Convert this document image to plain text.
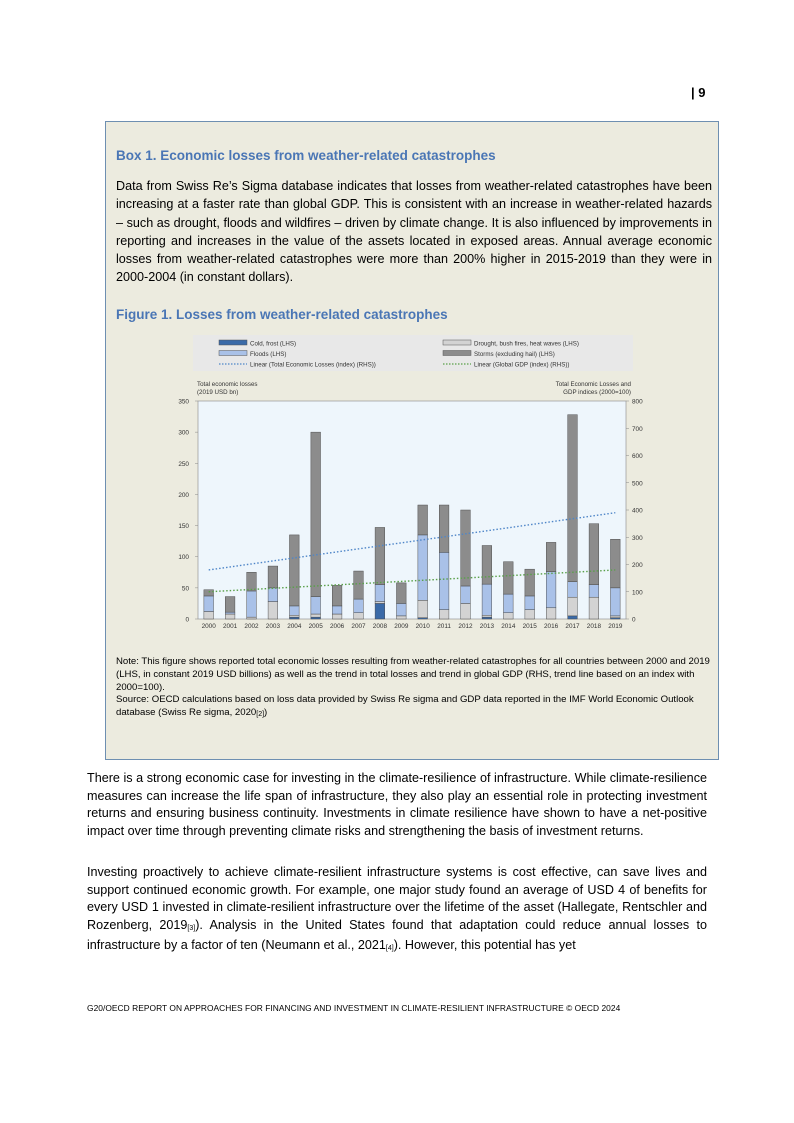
| 9
Box 1. Economic losses from weather-related catastrophes

Data from Swiss Re’s Sigma database indicates that losses from weather-related catastrophes have been increasing at a faster rate than global GDP. This is consistent with an increase in weather-related hazards – such as drought, floods and wildfires – driven by climate change. It is also influenced by improvements in reporting and increases in the value of the assets located in exposed areas. Annual average economic losses from weather-related catastrophes were more than 200% higher in 2015-2019 than they were in 2000-2004 (in constant dollars).

Figure 1. Losses from weather-related catastrophes
Cold, frost (LHS)	Drought, bush fires, heat waves (LHS)
Floods (LHS)	Storms (excluding hail) (LHS)
Linear (Total Economic Losses (index) (RHS))	Linear (Global GDP (index) (RHS))
Total economic losses
(2019 USD bn)
Total Economic Losses and
GDP indices (2000=100)
0
50
100
150
200
250
300
350
0
100
200
300
400
500
600
700
800
2000 2001 2002 2003 2004 2005 2006 2007 2008 2009 2010 2011 2012 2013 2014 2015 2016 2017 2018 2019

Note: This figure shows reported total economic losses resulting from weather-related catastrophes for all countries between 2000 and 2019 (LHS, in constant 2019 USD billions) as well as the trend in total losses and trend in global GDP (RHS, trend line based on an index with 2000=100).

Source: OECD calculations based on loss data provided by Swiss Re sigma and GDP data reported in the IMF World Economic Outlook database (Swiss Re sigma, $2020_{[2]}$)

There is a strong economic case for investing in the climate-resilience of infrastructure. While climate-resilience measures can increase the life span of infrastructure, they also play an essential role in protecting investment returns and ensuring business continuity. Investments in climate resilience have shown to have a net-positive impact over time through preventing climate risks and strengthening the basis of investment returns.

Investing proactively to achieve climate-resilient infrastructure systems is cost effective, can save lives and support continued economic growth. For example, one major study found an average of USD 4 of benefits for every USD 1 invested in climate-resilient infrastructure over the lifetime of the asset (Hallegate, Rentschler and Rozenberg, $2019_{[3]}$). Analysis in the United States found that adaptation could reduce annual losses to infrastructure by a factor of ten (Neumann et al., $2021_{[4]}$). However, this potential has yet

G20/OECD REPORT ON APPROACHES FOR FINANCING AND INVESTMENT IN CLIMATE-RESILIENT INFRASTRUCTURE © OECD 2024
